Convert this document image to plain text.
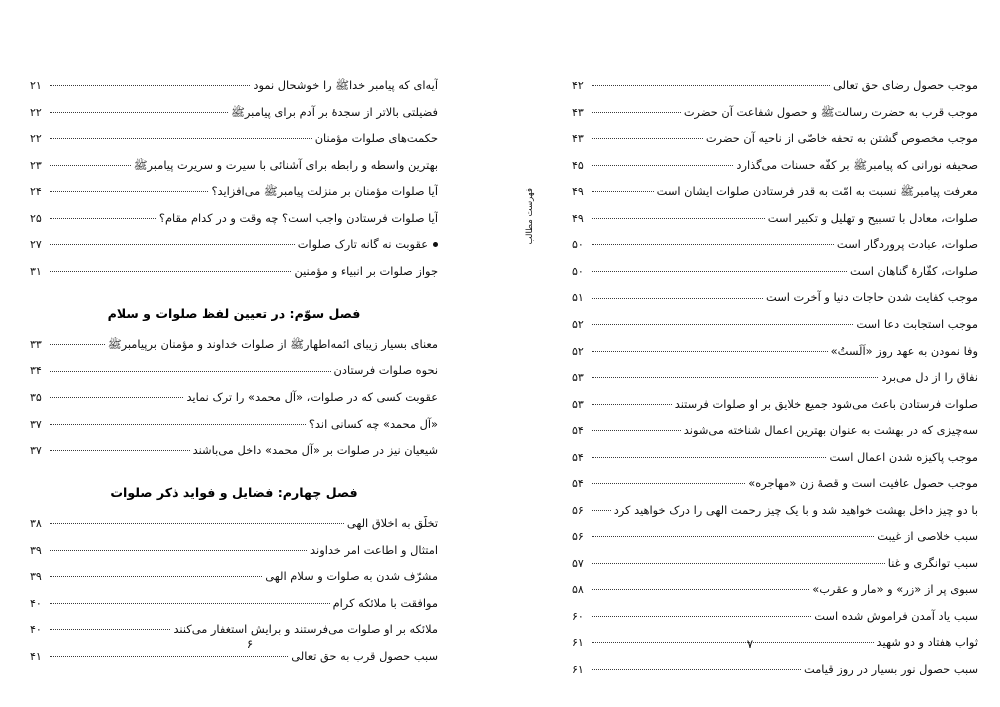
فهرست مطالب
موجب حصول رضای حق تعالی
۴۲
موجب قرب به حضرت رسالت‏ﷺ و حصول شفاعت آن حضرت
۴۳
موجب مخصوص گشتن به تحفه خاصّی از ناحیه آن حضرت
۴۳
صحیفه نورانی که پیامبرﷺ بر کفّه حسنات می‌گذارد
۴۵
معرفت پیامبرﷺ نسبت به امّت به قدر فرستادن صلوات ایشان است
۴۹
صلوات، معادل با تسبیح و تهلیل و تکبیر است
۴۹
صلوات، عبادت پروردگار است
۵۰
صلوات، کفّارۀ گناهان است
۵۰
موجب کفایت شدن حاجات دنیا و آخرت است
۵۱
موجب استجابت دعا است
۵۲
وفا نمودن به عهد روز «اَلَستُ»
۵۲
نفاق را از دل می‌برد
۵۳
صلوات فرستادن باعث می‌شود جمیع خلایق بر او صلوات فرستند
۵۳
سه‌چیزی که در بهشت به عنوان بهترین اعمال شناخته می‌شوند
۵۴
موجب پاکیزه شدن اعمال است
۵۴
موجب حصول عافیت است و قصۀ زن «مهاجره»
۵۴
با دو چیز داخل بهشت خواهید شد و با یک چیز رحمت الهی را درک خواهید کرد
۵۶
سبب خلاصی از غیبت
۵۶
سبب توانگری و غنا
۵۷
سبوی پر از «زر» و «مار و عقرب»
۵۸
سبب یاد آمدن فراموش شده است
۶۰
ثواب هفتاد و دو شهید
۶۱
سبب حصول نور بسیار در روز قیامت
۶۱
۷
آیه‌ای که پیامبر خداﷺ را خوشحال نمود
۲۱
فضیلتی بالاتر از سجدۀ بر آدم برای پیامبرﷺ
۲۲
حکمت‌های صلوات مؤمنان
۲۲
بهترین واسطه و رابطه برای آشنائی با سیرت و سریرت پیامبرﷺ
۲۳
آیا صلوات مؤمنان بر منزلت پیامبرﷺ می‌افزاید؟
۲۴
آیا صلوات فرستادن واجب است؟ چه وقت و در کدام مقام؟
۲۵
عقوبت نه گانه تارک صلوات
۲۷
جواز صلوات بر انبیاء و مؤمنین
۳۱
فصل سوّم: در تعیین لفظ صلوات و سلام
معنای بسیار زیبای ائمه‌اطهارﷺ از صلوات خداوند و مؤمنان بر‌پیامبرﷺ
۳۳
نحوه صلوات فرستادن
۳۴
عقوبت کسی که در صلوات، «آل محمد» را ترک نماید
۳۵
«آل محمد» چه کسانی اند؟
۳۷
شیعیان نیز در صلوات بر «آل محمد» داخل می‌باشند
۳۷
فصل چهارم: فضایل و فواید ذکر صلوات
تخلّق به اخلاق الهی
۳۸
امتثال و اطاعت امر خداوند
۳۹
مشرّف شدن به صلوات و سلام الهی
۳۹
موافقت با ملائکه کرام
۴۰
ملائکه بر او صلوات می‌فرستند و برایش استغفار می‌کنند
۴۰
سبب حصول قرب به حق تعالی
۴۱
۶
